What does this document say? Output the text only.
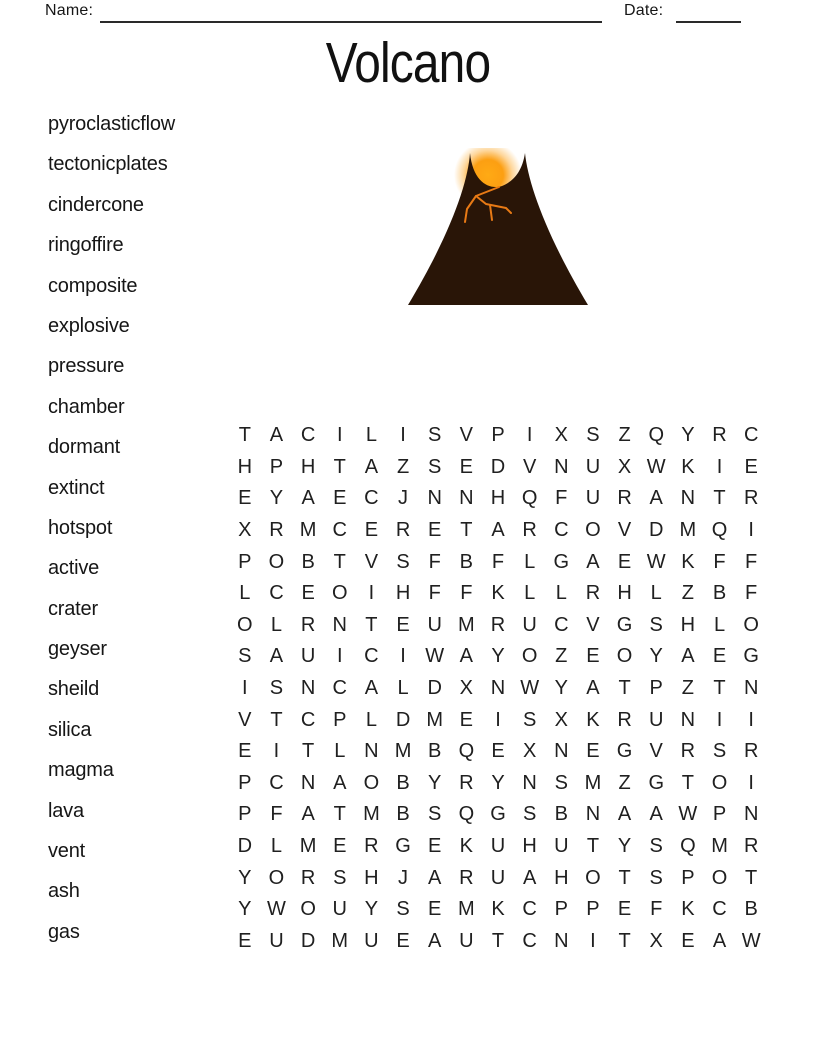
Name:	Date:
Volcano
pyroclasticflow
tectonicplates
cindercone
ringoffire
composite
explosive
pressure
chamber
dormant
extinct
hotspot
active
crater
geyser
sheild
silica
magma
lava
vent
ash
gas
T A C	I	L	I	S V P	I	X S Z Q Y R C
H P H T A Z S E D V N U X W K	I	E
E Y A E C J N N H Q F U R A N T R
X R M C E R E T A R C O V D M Q	I
P O B T V S F B F L G A E W K F F
L C E O	I	H F F K L	L R H L Z B F
O L R N T E U M R U C V G S H L O
S A U	I	C	I W A Y O Z E O Y A E G
I	S N C A L D X N W Y A T P Z T N
V T C P L D M E	I	S X K R U N	I	I
E	I	T L N M B Q E X N E G V R S R
P C N A O B Y R Y N S M Z G T O	I
P F A T M B S Q G S B N A A W P N
D L M E R G E K U H U T Y S Q M R
Y O R S H J A R U A H O T S P O T
Y W O U Y S E M K C P P E F K C B
E U D M U E A U T C N	I	T X E A W
